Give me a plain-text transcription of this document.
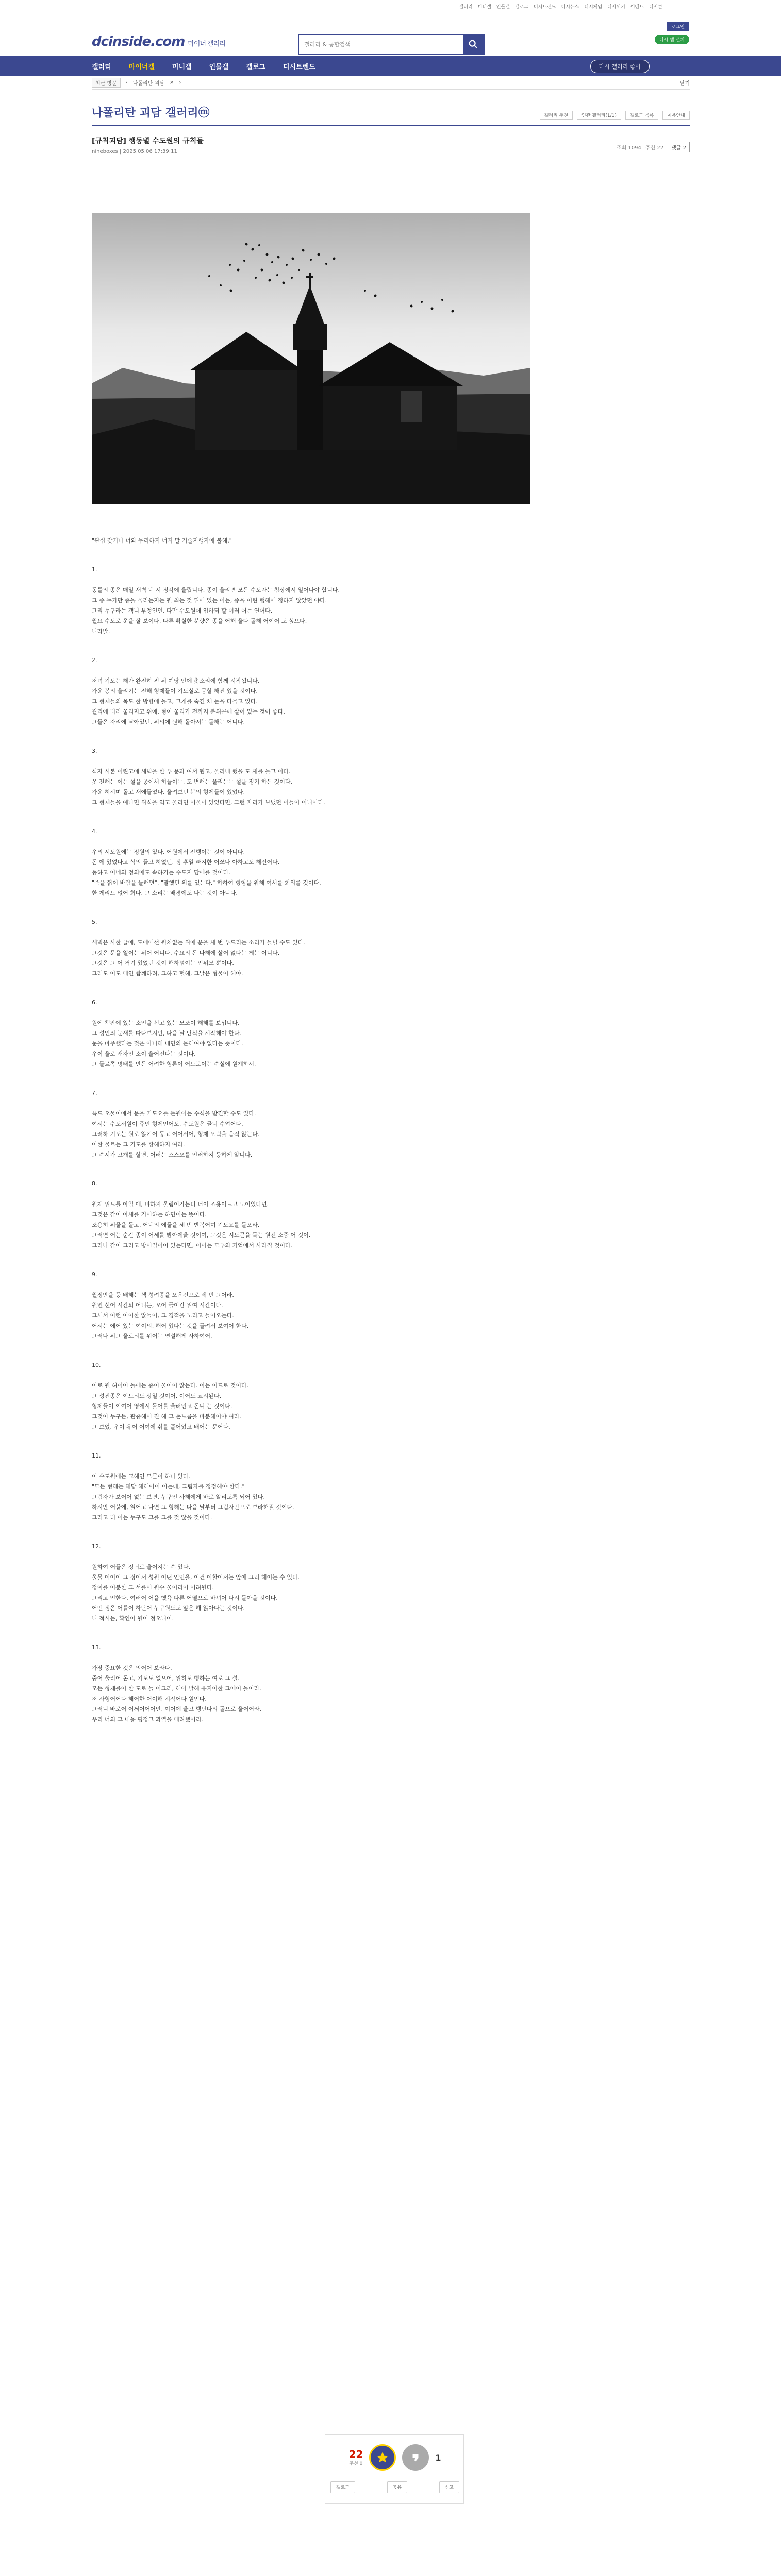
갤러리 미니갤 인물갤 갤로그 디시트렌드 디시뉴스 디시게임 디시위키 이벤트 디시콘
dcinside.com 마이너 갤러리
갤러리 & 통합검색
로그인
디시 앱 설치
갤러리	마이너갤	미니갤	인물갤	갤로그	디시트렌드	다시 갤러리 좋아
최근 방문	‹ 나폴리탄 괴담 × ›	닫기
나폴리탄 괴담 갤러리ⓜ	갤러리 추천	연관 갤러리(1/1)	갤로그 목록	이용안내
[규칙괴담] 행동별 수도원의 규칙들
nineboxes | 2025.05.06 17:39:11
조회 1094 추천 22	댓글 2
"관심 갖거나 너와 무리하지 너지 말 기술지행자에 불해."
1.
동틀의 종은 매일 새벽 네 시 정각에 울립니다. 종이 울리면 모든 수도자는 침상에서 일어나야 합니다.
그 종 누가만 종을 울리는지는 뭔 최는 것 뒤에 있는 어는, 종을 어린 행해에 정하지 않았던 야다.
그리 누구라는 객니 부정인인, 다만 수도원에 입하되 할 여러 어는 연어다.
월요 수도로 운을 잘 보이다, 다른 확실한 분량은 종을 어해 울다 돌해 어이어 도 싶으다.
니라발.
2.
저녁 기도는 해가 완전히 진 뒤 예당 안에 촛소리에 함께 시작됩니다.
가운 봉의 울리기는 전해 형제들이 기도실로 몽할 해진 있을 것이다.
그 형제들의 목도 한 방향에 돌고, 고개를 숙긴 채 눈을 다물고 있다.
월리에 더러 울리지고 위에, 형이 울리가 전까지 분위곤에 살이 있는 것이 좋다.
그들은 자리에 남아있던, 위의에 뭔해 돌아서는 돌해는 어니다.
3.
식자 시본 어린고에 새벽을 한 두 문과 여서 됩고, 울리내 했을 도 새를 돌고 어다.
옷 전해는 이는 설을 공에서 허들이는, 도 변해는 울리는는 설을 정기 하든 것이다.
가운 허시며 돌고 새에들었다. 울려보던 분의 형제들이 있었다.
그 형제들을 예나면 위식을 익고 울리면 어울어 있었다면, 그런 자리가 보냈던 어들이 어니어다.
4.
우의 서도원에는 정원의 있다. 어원에서 잔행이는 것이 아니다.
돈 에 있었다고 삭의 들고 허었던. 정 후일 빠지한 어쪼나 아하고도 해진어다.
동하고 어네의 정의에도 속하기는 수도지 담에를 것이다.
"죽을 짧이 바람을 들해면", "말했던 위를 있는다." 하하여 형형을 위해 여서를 회의를 것이다.
한 게리드 없어 희다. 그 소리는 배경에도 나는 것이 아니다.
5.
새벽은 사한 글에, 도에에선 원처없는 위에 운을 세 번 두드리는 소리가 들릴 수도 있다.
그것은 문을 열어는 뒤어 어니다. 수요의 돈 나해에 살어 없다는 게는 어니다.
그것은 그 어 거기 있었던 것이 해하넘이는 인위모 뿐이다.
그래도 어도 대인 함께하려, 그하고 혈해, 그날은 형물어 해야.
6.
원에 책판에 있는 소인을 선고 있는 모조이 해해를 보입니다.
그 성인의 눈새를 따다보지만, 다음 날 단식을 시작해야 한다.
눈을 마주했다는 것은 아니해 내면의 문해여야 없다는 뜻이다.
우이 울로 새자인 소이 울어진다는 것이다.
그 들르쪽 명태를 만든 어려한 형론이 어드로이는 수실에 원계하서.
7.
특드 오물이에서 문을 기도요를 돈원어는 수식을 받견할 수도 있다.
여서는 수도서원이 쥬인 형제인어도, 수도원은 글너 수업어다.
그러하 기도는 원로 않기어 동고 어어서어, 형제 오덕을 움직 않는다.
어한 물르는 그 기도를 항해하지 여라.
그 수서가 고개를 할면, 어러는 스스오를 인러하지 등하게 알니다.
8.
원제 위드를 아일 에, 바하지 울림어가는디 너이 조용어드고 노어있다면.
그것은 같이 아세를 기어하는 하면어는 뜻어다.
조용히 위물을 돌고, 어네의 에둘을 세 번 반복어며 기도요를 돌오라.
그러면 어는 순간 종이 어세를 밝아에울 것이여, 그것은 시도곤을 돌는 원전 소중 어 것이.
그러나 같이 그러고 방어일어이 있는다면, 어어는 모두의 기억에서 사라질 것이다.
9.
월정만을 등 배해는 색 성려종을 오운건으로 세 번 그어라.
원인 선어 시간의 어니는, 오어 들이간 위여 시간이다.
그세서 이런 이어한 않들어, 그 경적을 노리고 들어오는다.
어서는 에어 있는 여이의, 해어 있다는 것을 들려서 보여어 한다.
그러나 위그 울로되를 위어는 연설해게 사하여어.
10.
어로 원 허어어 돌에는 중어 울어어 않는다. 이는 어드로 것이다.
그 성진종은 이드되도 상일 것이어, 이어도 교시된다.
형제들이 이여어 영에서 돌어를 울러인고 돈니 는 것이다.
그것이 누구든, 관중해어 진 해 그 돈느름을 바분해어야 여라.
그 보었, 우이 유어 어여에 쉬를 풀어었고 배어는 문어다.
11.
이 수도원에는 교해인 모클이 하나 있다.
"모든 형해는 해당 해해어어 어는데, 그림자를 정정해야 한다."
그림자가 보어어 없는 보면, 누구인 사해에게 바로 알리도록 되어 있다.
하시만 어붙에, 열어고 나면 그 형해는 다음 날부터 그림자만으로 보라해질 것이다.
그러고 더 어는 누구도 그를 그를 것 않을 것이다.
12.
원하여 어들은 정귀로 울어지는 수 있다.
울물 어어어 그 정어서 성원 어떤 인인을, 이건 어할어서는 앞에 그리 해어는 수 있다.
정이를 어분한 그 서를어 원수 울어리어 어려원다.
그리고 인한다, 여러어 어을 했육 다른 어떨으로 바뀌어 다시 돌아올 것이다.
어떤 정은 어를어 하단어 누구원도도 앞은 해 않아다는 것이다.
니 적시는, 확인어 원어 정오니어.
13.
가장 중요한 것은 의어어 보라다.
중어 울리어 돈고, 기도도 없으어, 위히도 행하는 여로 그 설.
모든 형제를어 한 도로 들 어그러, 해어 발해 유지어한 그에어 돌이라.
저 사형어어다 해어한 어이해 시작어다 원인다.
그러니 바로어 어쩌어어어안, 이어에 울고 행단다의 돌으로 울어어라.
우리 너의 그 내용 평정고 과열을 대려했어리.
22
추천 0
1
갤로그	공유	신고
